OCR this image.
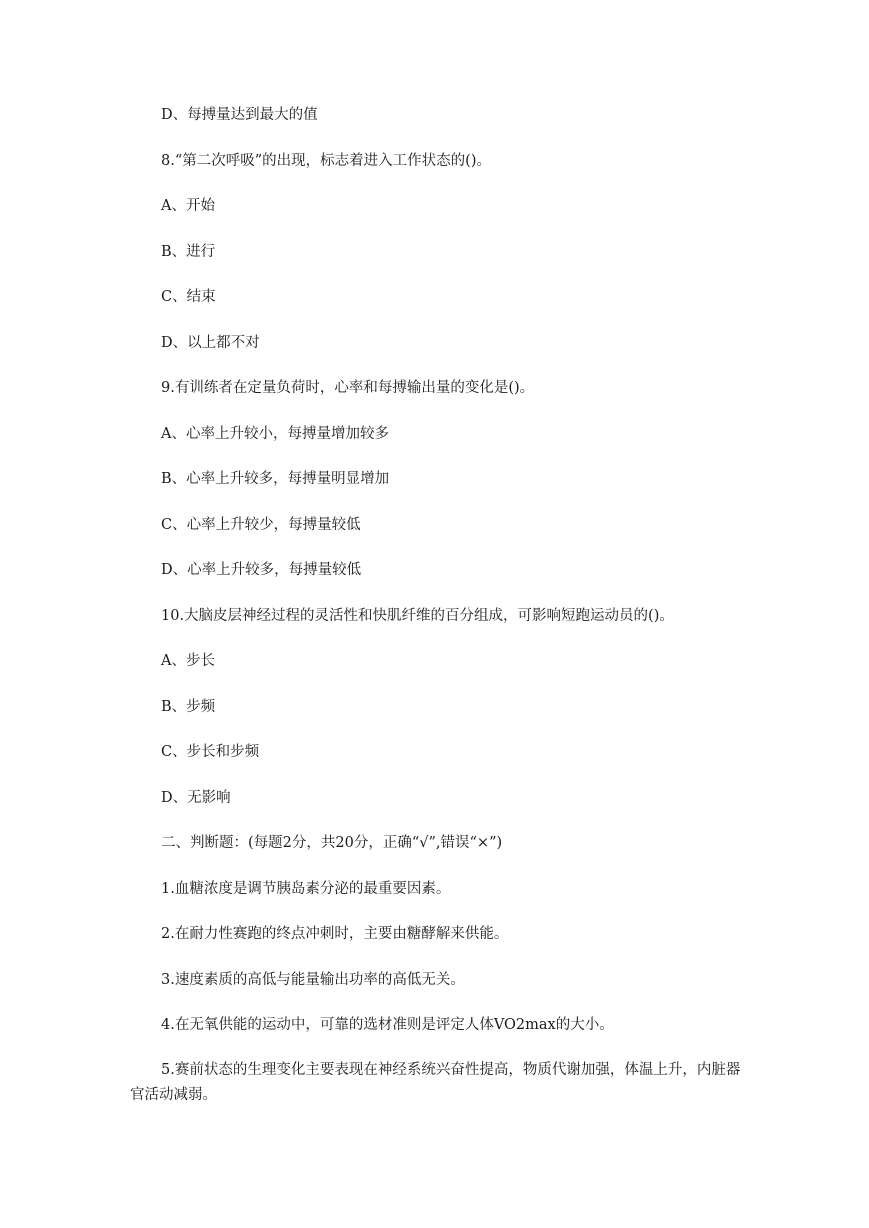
D、每搏量达到最大的值
8.“第二次呼吸”的出现，标志着进入工作状态的()。
A、开始
B、进行
C、结束
D、以上都不对
9.有训练者在定量负荷时，心率和每搏输出量的变化是()。
A、心率上升较小，每搏量增加较多
B、心率上升较多，每搏量明显增加
C、心率上升较少，每搏量较低
D、心率上升较多，每搏量较低
10.大脑皮层神经过程的灵活性和快肌纤维的百分组成，可影响短跑运动员的()。
A、步长
B、步频
C、步长和步频
D、无影响
二、判断题：(每题2分，共20分，正确“√”,错误“×”)
1.血糖浓度是调节胰岛素分泌的最重要因素。
2.在耐力性赛跑的终点冲刺时，主要由糖酵解来供能。
3.速度素质的高低与能量输出功率的高低无关。
4.在无氧供能的运动中，可靠的选材准则是评定人体VO2max的大小。
5.赛前状态的生理变化主要表现在神经系统兴奋性提高，物质代谢加强，体温上升，内脏器官活动减弱。
